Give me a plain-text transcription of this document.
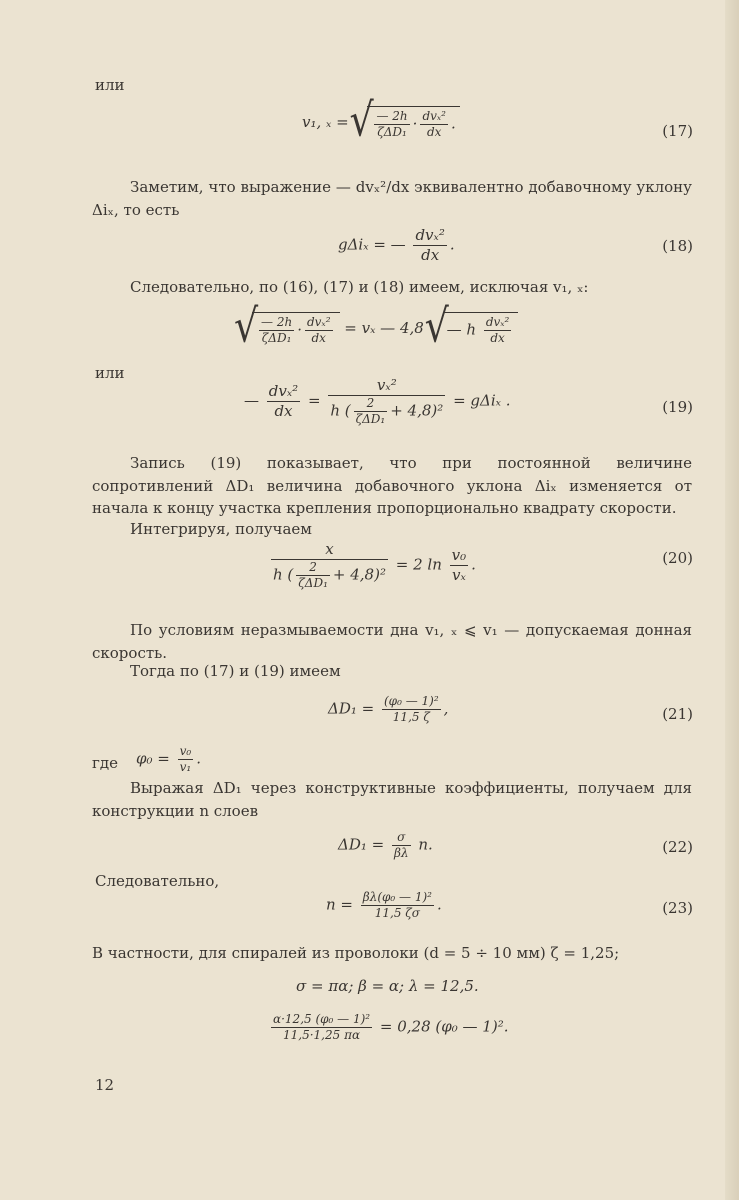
или
v₁, ₓ = √ $\frac{— 2h}{\text{ζΔD₁}} \cdot \frac{\text{dvₓ²}}{dx}$ .	(17)
Заметим, что выражение — dvₓ²/dx эквивалентно добавочному уклону Δiₓ, то есть
gΔiₓ = — $\frac{\text{dvₓ²}}{dx}$ .	(18)
Следовательно, по (16), (17) и (18) имеем, исключая v₁, ₓ:
√ $\frac{— 2h}{\text{ζΔD₁}} \cdot \frac{\text{dvₓ²}}{dx} = v_x$ — 4,8 √ — h $\frac{\text{dvₓ²}}{dx}$
или
— $\frac{\text{dvₓ²}}{dx} = \frac{\text{vₓ²}}{h ( \frac{2}{\text{ζΔD₁}} + 4,8)^2} = g\Delta i_x$ .	(19)
Запись (19) показывает, что при постоянной величине сопротивлений ΔD₁ величина добавочного уклона Δiₓ изменяется от начала к концу участка крепления пропорционально квадрату скорости.
Интегрируя, получаем
$\frac{x}{h ( \frac{2}{\text{ζΔD₁}} + 4,8)^2} = 2$ $\ln \frac{\text{v₀}}{\text{vₓ}}$ .	(20)
По условиям неразмываемости дна v₁, ₓ ⩽ v₁ — допускаемая донная скорость.
Тогда по (17) и (19) имеем
$\Delta D_1 = \frac{\text{(φ₀ — 1)²}}{11,5 \zeta}$ ,	(21)
где $\varphi_0 = \frac{\text{v₀}}{\text{v₁}}$ .
Выражая ΔD₁ через конструктивные коэффициенты, получаем для конструкции n слоев
$\Delta D_1 = \frac{\sigma}{\beta\lambda} n$.	(22)
Следовательно,
$n = \frac{\text{βλ(φ₀ — 1)²}}{11,5 \zeta\sigma}$ .	(23)
В частности, для спиралей из проволоки (d = 5 ÷ 10 мм) ζ = 1,25;
σ = πα; β = α; λ = 12,5.
$\frac{\text{α·12,5 (φ₀ — 1)²}}{11,5\cdot 1,25 \pi\alpha} = 0,28$ (φ₀ — 1)².
12
